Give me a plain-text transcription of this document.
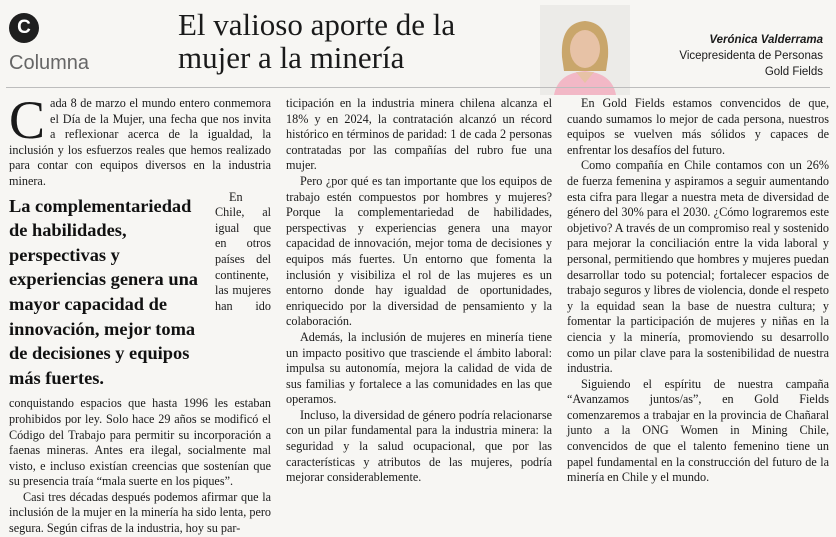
C
Columna
El valioso aporte de la mujer a la minería	Verónica Valderrama
Vicepresidenta de Personas
Gold Fields

Cada 8 de marzo el mundo entero conmemora el Día de la Mujer, una fecha que nos invita a reflexionar acerca de la igualdad, la inclusión y los esfuerzos reales que hemos realizado para contar con equipos diversos en la industria minera.

La complementariedad de habilidades, perspectivas y experiencias genera una mayor capacidad de innovación, mejor toma de decisiones y equipos más fuertes.

En Chile, al igual que en otros países del continente, las mujeres han ido conquistando espacios que hasta 1996 les estaban prohibidos por ley. Solo hace 29 años se modificó el Código del Trabajo para permitir su incorporación a faenas mineras. Antes era ilegal, socialmente mal visto, e incluso existían creencias que sostenían que su presencia traía “mala suerte en los piques”.

Casi tres décadas después podemos afirmar que la inclusión de la mujer en la minería ha sido lenta, pero segura. Según cifras de la industria, hoy su par-

ticipación en la industria minera chilena alcanza el 18% y en 2024, la contratación alcanzó un récord histórico en términos de paridad: 1 de cada 2 personas contratadas por las compañías del rubro fue una mujer.

Pero ¿por qué es tan importante que los equipos de trabajo estén compuestos por hombres y mujeres? Porque la complementariedad de habilidades, perspectivas y experiencias genera una mayor capacidad de innovación, mejor toma de decisiones y equipos más fuertes. Un entorno que fomenta la inclusión y visibiliza el rol de las mujeres es un entorno donde hay igualdad de oportunidades, enriquecido por la diversidad de pensamiento y la colaboración.

Además, la inclusión de mujeres en minería tiene un impacto positivo que trasciende el ámbito laboral: impulsa su autonomía, mejora la calidad de vida de sus familias y fortalece a las comunidades en las que operamos.

Incluso, la diversidad de género podría relacionarse con un pilar fundamental para la industria minera: la seguridad y la salud ocupacional, que por las características y atributos de las mujeres, podría mejorar considerablemente.

En Gold Fields estamos convencidos de que, cuando sumamos lo mejor de cada persona, nuestros equipos se vuelven más sólidos y capaces de enfrentar los desafíos del futuro.

Como compañía en Chile contamos con un 26% de fuerza femenina y aspiramos a seguir aumentando esta cifra para llegar a nuestra meta de diversidad de género del 30% para el 2030. ¿Cómo lograremos este objetivo? A través de un compromiso real y sostenido para mejorar la conciliación entre la vida laboral y personal, permitiendo que hombres y mujeres puedan desarrollar todo su potencial; fortalecer espacios de trabajo seguros y libres de violencia, donde el respeto y la equidad sean la base de nuestra cultura; y fomentar la participación de mujeres y niñas en la ciencia y la minería, promoviendo su desarrollo como un pilar clave para la sostenibilidad de nuestra industria.

Siguiendo el espíritu de nuestra campaña “Avanzamos juntos/as”, en Gold Fields comenzaremos a trabajar en la provincia de Chañaral junto a la ONG Women in Mining Chile, convencidos de que el talento femenino tiene un papel fundamental en la construcción del futuro de la minería en Chile y el mundo.
